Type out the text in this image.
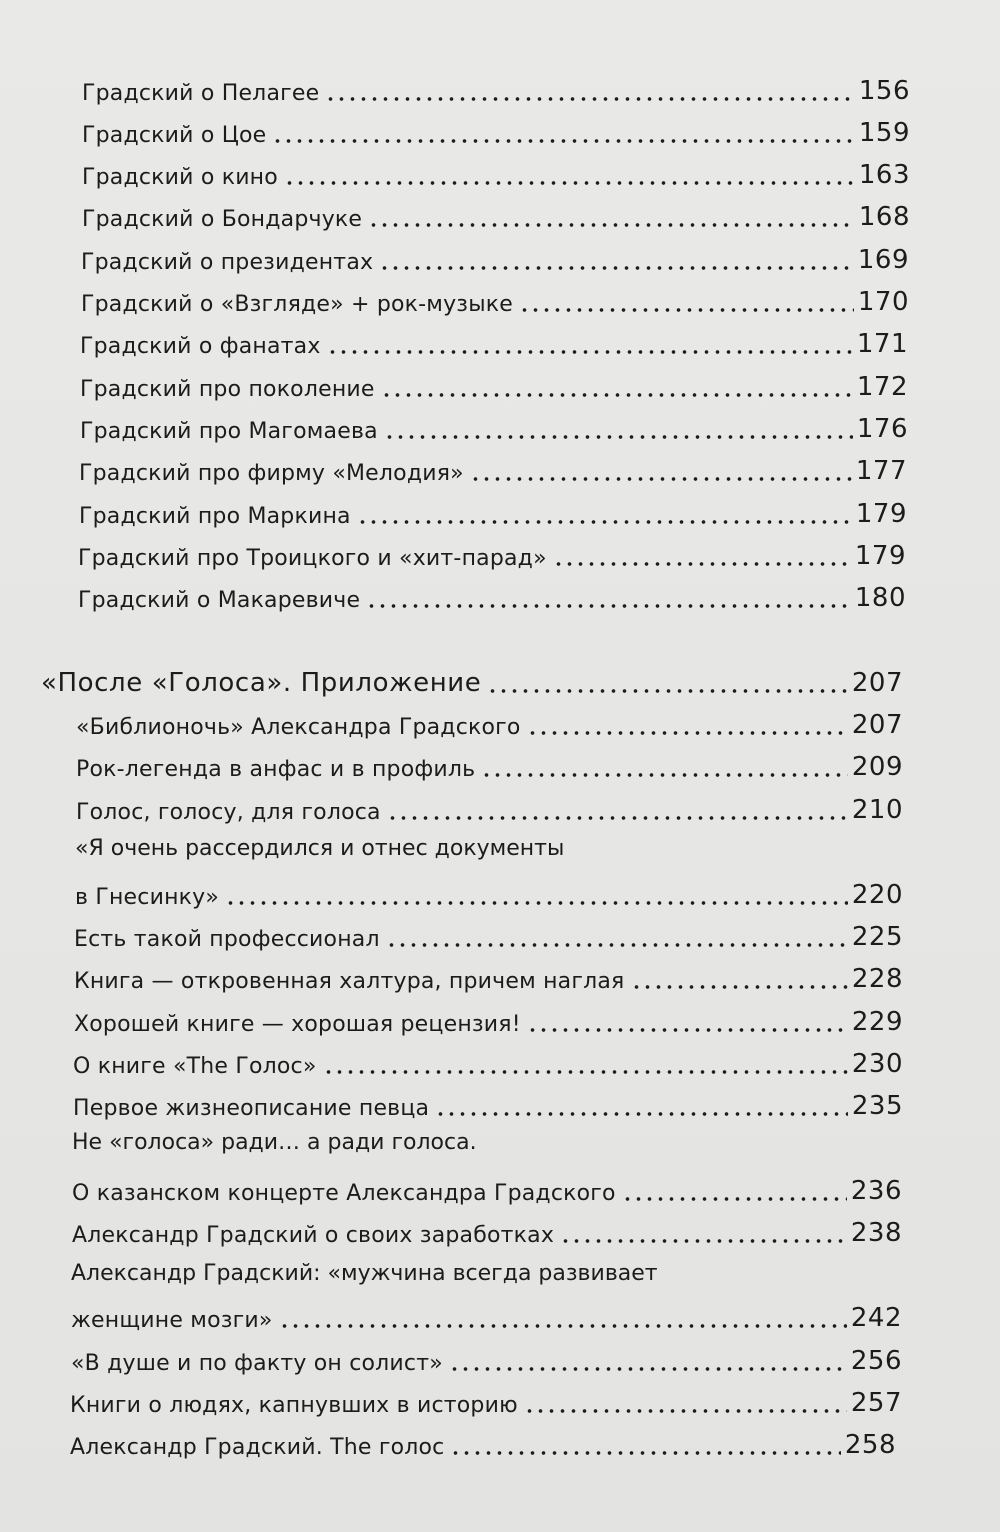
Градский о Пелагее	156
Градский о Цое	159
Градский о кино	163
Градский о Бондарчуке	168
Градский о президентах	169
Градский о «Взгляде» + рок-музыке	170
Градский о фанатах	171
Градский про поколение	172
Градский про Магомаева	176
Градский про фирму «Мелодия»	177
Градский про Маркина	179
Градский про Троицкого и «хит-парад»	179
Градский о Макаревиче	180
«После «Голоса». Приложение	207
«Библионочь» Александра Градского	207
Рок-легенда в анфас и в профиль	209
Голос, голосу, для голоса	210
«Я очень рассердился и отнес документы
в Гнесинку»	220
Есть такой профессионал	225
Книга — откровенная халтура, причем наглая	228
Хорошей книге — хорошая рецензия!	229
О книге «The Голос»	230
Первое жизнеописание певца	235
Не «голоса» ради… а ради голоса.
О казанском концерте Александра Градского	236
Александр Градский о своих заработках	238
Александр Градский: «мужчина всегда развивает
женщине мозги»	242
«В душе и по факту он солист»	256
Книги о людях, капнувших в историю	257
Александр Градский. The голос	258
